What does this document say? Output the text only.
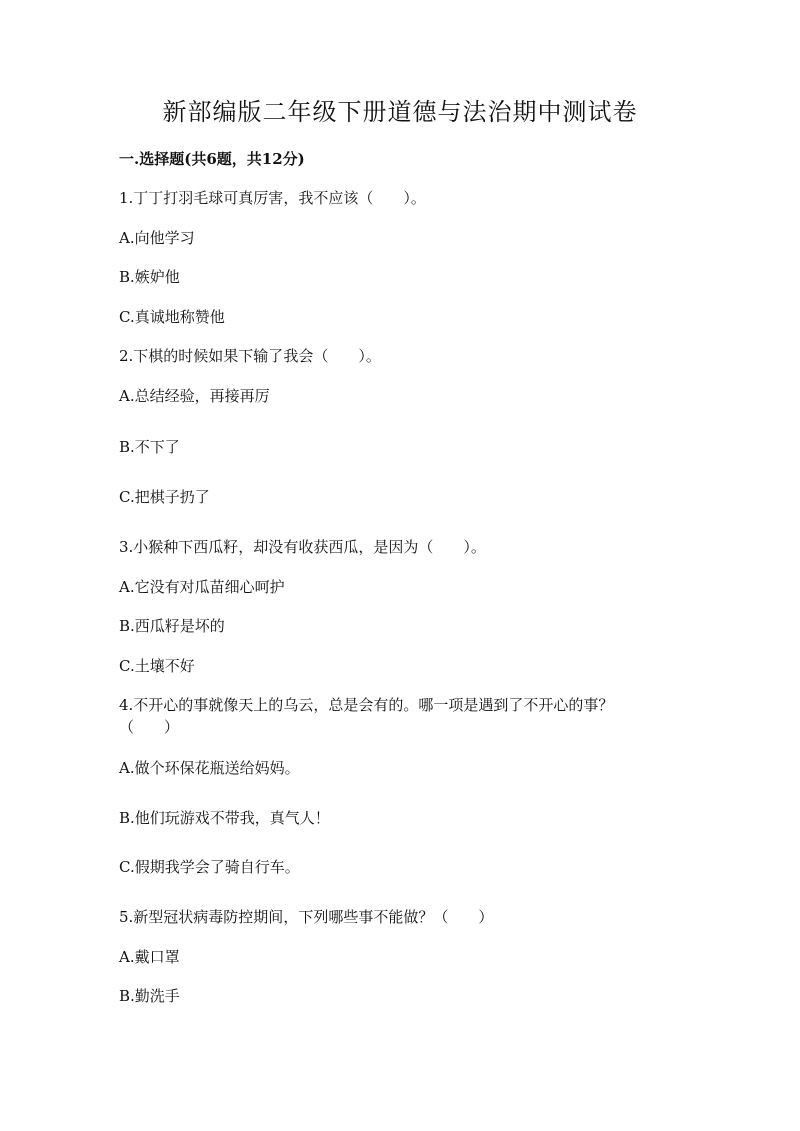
新部编版二年级下册道德与法治期中测试卷
一.选择题(共6题，共12分)
1.丁丁打羽毛球可真厉害，我不应该（　　）。
A.向他学习
B.嫉妒他
C.真诚地称赞他
2.下棋的时候如果下输了我会（　　）。
A.总结经验，再接再厉
B.不下了
C.把棋子扔了
3.小猴种下西瓜籽，却没有收获西瓜，是因为（　　）。
A.它没有对瓜苗细心呵护
B.西瓜籽是坏的
C.土壤不好
4.不开心的事就像天上的乌云，总是会有的。哪一项是遇到了不开心的事？
（　　）
A.做个环保花瓶送给妈妈。
B.他们玩游戏不带我，真气人！
C.假期我学会了骑自行车。
5.新型冠状病毒防控期间，下列哪些事不能做？（　　）
A.戴口罩
B.勤洗手
